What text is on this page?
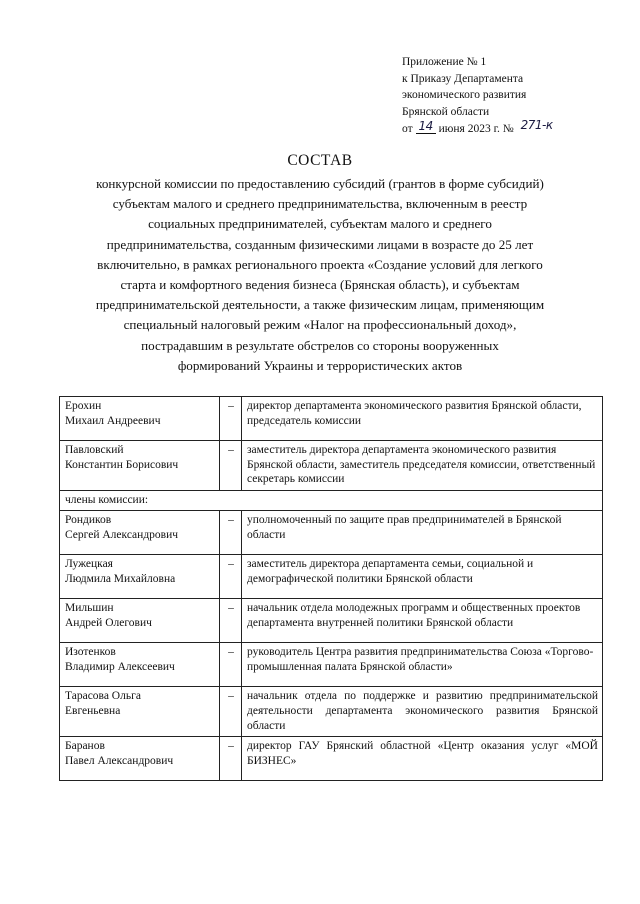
Приложение № 1
к Приказу Департамента
экономического развития
Брянской области
от 14 июня 2023 г. № 271-к
СОСТАВ
конкурсной комиссии по предоставлению субсидий (грантов в форме субсидий)
субъектам малого и среднего предпринимательства, включенным в реестр
социальных предпринимателей, субъектам малого и среднего
предпринимательства, созданным физическими лицами в возрасте до 25 лет
включительно, в рамках регионального проекта «Создание условий для легкого
старта и комфортного ведения бизнеса (Брянская область), и субъектам
предпринимательской деятельности, а также физическим лицам, применяющим
специальный налоговый режим «Налог на профессиональный доход»,
пострадавшим в результате обстрелов со стороны вооруженных
формирований Украины и террористических актов
Ерохин
Михаил Андреевич	–	директор департамента экономического развития Брянской области, председатель комиссии

Павловский
Константин Борисович	–	заместитель директора департамента экономического развития Брянской области, заместитель председателя комиссии, ответственный секретарь комиссии
члены комиссии:		

Рондиков
Сергей Александрович	–	уполномоченный по защите прав предпринимателей в Брянской области

Лужецкая
Людмила Михайловна	–	заместитель директора департамента семьи, социальной и демографической политики Брянской области

Мильшин
Андрей Олегович	–	начальник отдела молодежных программ и общественных проектов департамента внутренней политики Брянской области

Изотенков
Владимир Алексеевич	–	руководитель Центра развития предпринимательства Союза «Торгово-промышленная палата Брянской области»

Тарасова Ольга
Евгеньевна	–	начальник отдела по поддержке и развитию предпринимательской деятельности департамента экономического развития Брянской области

Баранов
Павел Александрович	–	директор ГАУ Брянский областной «Центр оказания услуг «МОЙ БИЗНЕС»
